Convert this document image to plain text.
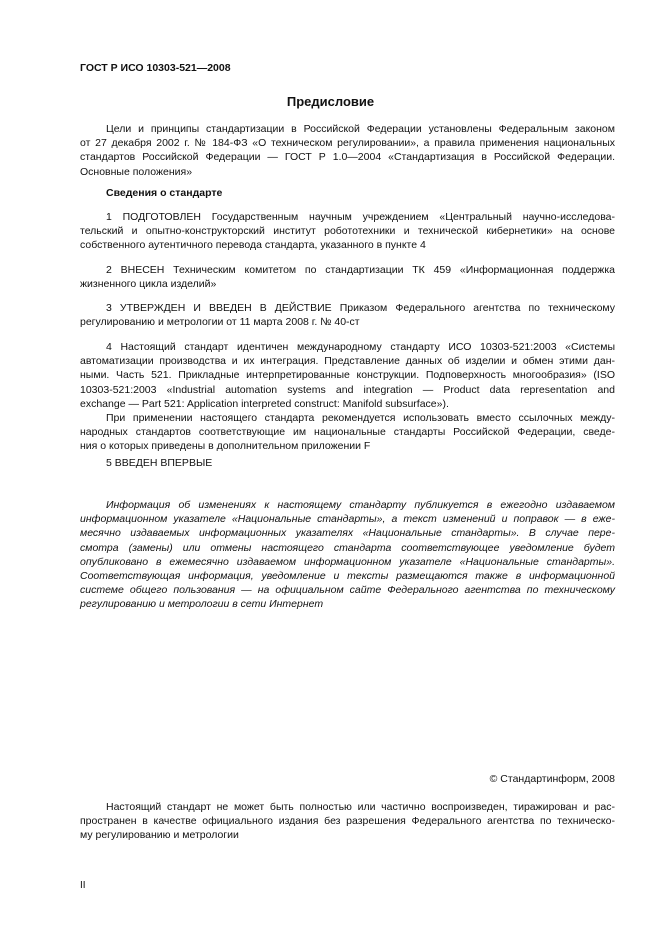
ГОСТ Р ИСО 10303-521—2008
Предисловие
Цели и принципы стандартизации в Российской Федерации установлены Федеральным законом
от 27 декабря 2002 г. № 184-ФЗ «О техническом регулировании», а правила применения национальных
стандартов Российской Федерации — ГОСТ Р 1.0—2004 «Стандартизация в Российской Федерации.
Основные положения»
Сведения о стандарте
1 ПОДГОТОВЛЕН Государственным научным учреждением «Центральный научно-исследова-
тельский и опытно-конструкторский институт робототехники и технической кибернетики» на основе
собственного аутентичного перевода стандарта, указанного в пункте 4
2 ВНЕСЕН Техническим комитетом по стандартизации ТК 459 «Информационная поддержка
жизненного цикла изделий»
3 УТВЕРЖДЕН И ВВЕДЕН В ДЕЙСТВИЕ Приказом Федерального агентства по техническому
регулированию и метрологии от 11 марта 2008 г. № 40-ст
4 Настоящий стандарт идентичен международному стандарту ИСО 10303-521:2003 «Системы
автоматизации производства и их интеграция. Представление данных об изделии и обмен этими дан-
ными. Часть 521. Прикладные интерпретированные конструкции. Подповерхность многообразия» (ISO
10303-521:2003 «Industrial automation systems and integration — Product data representation and
exchange — Part 521: Application interpreted construct: Manifold subsurface»).
При применении настоящего стандарта рекомендуется использовать вместо ссылочных между-
народных стандартов соответствующие им национальные стандарты Российской Федерации, сведе-
ния о которых приведены в дополнительном приложении F
5 ВВЕДЕН ВПЕРВЫЕ
Информация об изменениях к настоящему стандарту публикуется в ежегодно издаваемом
информационном указателе «Национальные стандарты», а текст изменений и поправок — в еже-
месячно издаваемых информационных указателях «Национальные стандарты». В случае пере-
смотра (замены) или отмены настоящего стандарта соответствующее уведомление будет
опубликовано в ежемесячно издаваемом информационном указателе «Национальные стандарты».
Соответствующая информация, уведомление и тексты размещаются также в информационной
системе общего пользования — на официальном сайте Федерального агентства по техническому
регулированию и метрологии в сети Интернет
© Стандартинформ, 2008
Настоящий стандарт не может быть полностью или частично воспроизведен, тиражирован и рас-
пространен в качестве официального издания без разрешения Федерального агентства по техническо-
му регулированию и метрологии
II
